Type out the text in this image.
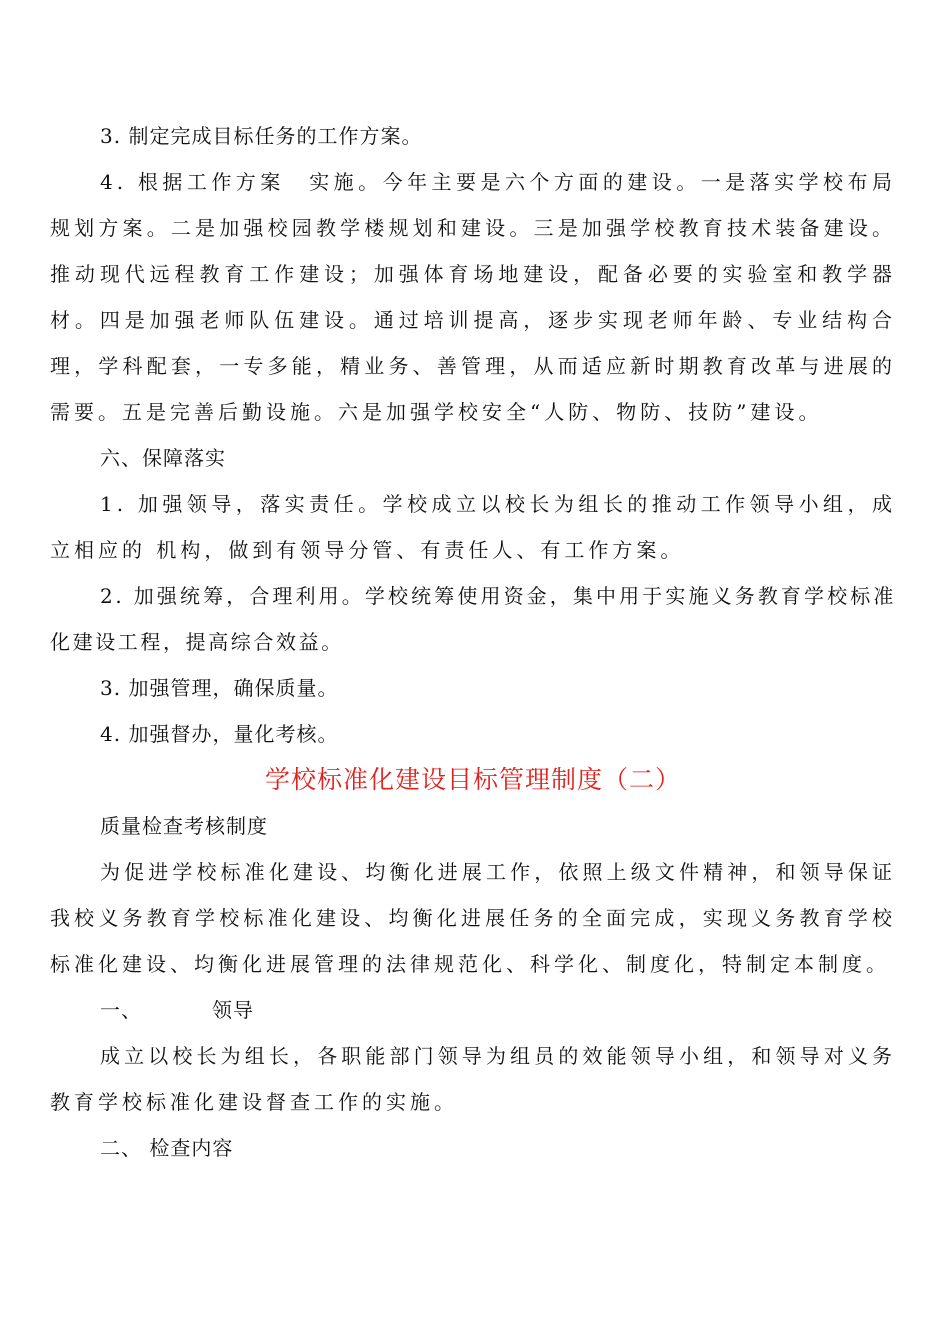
3. 制定完成目标任务的工作方案。

4. 根据工作方案　实施。今年主要是六个方面的建设。一是落实学校布局规划方案。二是加强校园教学楼规划和建设。三是加强学校教育技术装备建设。推动现代远程教育工作建设；加强体育场地建设，配备必要的实验室和教学器材。四是加强老师队伍建设。通过培训提高，逐步实现老师年龄、专业结构合理，学科配套，一专多能，精业务、善管理，从而适应新时期教育改革与进展的需要。五是完善后勤设施。六是加强学校安全“人防、物防、技防”建设。

六、保障落实

1. 加强领导，落实责任。学校成立以校长为组长的推动工作领导小组，成立相应的 机构，做到有领导分管、有责任人、有工作方案。

2. 加强统筹，合理利用。学校统筹使用资金，集中用于实施义务教育学校标准化建设工程，提高综合效益。

3. 加强管理，确保质量。

4. 加强督办，量化考核。

学校标准化建设目标管理制度（二）

质量检查考核制度

为促进学校标准化建设、均衡化进展工作，依照上级文件精神，和领导保证我校义务教育学校标准化建设、均衡化进展任务的全面完成，实现义务教育学校标准化建设、均衡化进展管理的法律规范化、科学化、制度化，特制定本制度。

一、	领导

成立以校长为组长，各职能部门领导为组员的效能领导小组，和领导对义务教育学校标准化建设督查工作的实施。

二、 检查内容
